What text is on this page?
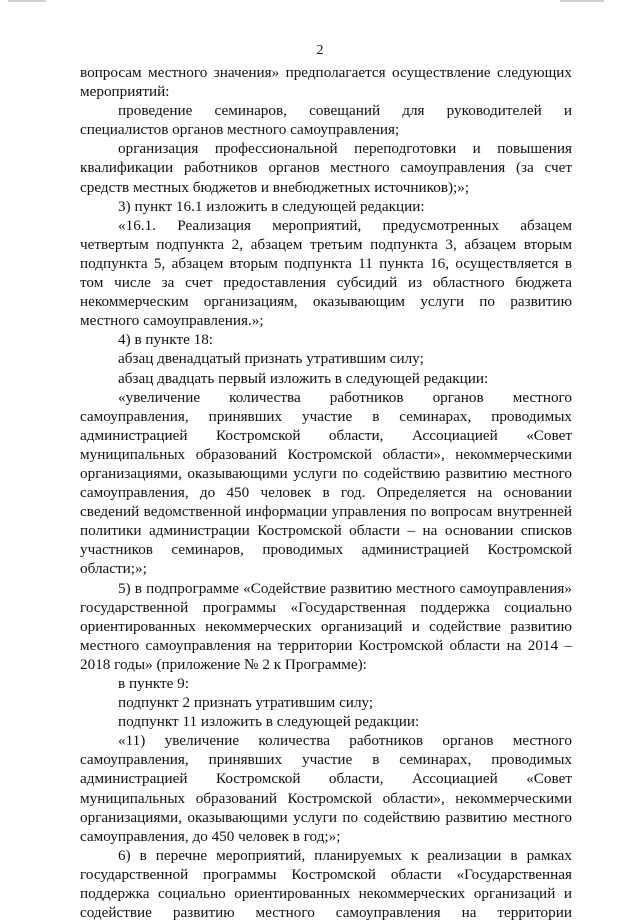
2

вопросам местного значения» предполагается осуществление следующих мероприятий:

проведение семинаров, совещаний для руководителей и специалистов органов местного самоуправления;

организация профессиональной переподготовки и повышения квалификации работников органов местного самоуправления (за счет средств местных бюджетов и внебюджетных источников);»;

3) пункт 16.1 изложить в следующей редакции:

«16.1. Реализация мероприятий, предусмотренных абзацем четвертым подпункта 2, абзацем третьим подпункта 3, абзацем вторым подпункта 5, абзацем вторым подпункта 11 пункта 16, осуществляется в том числе за счет предоставления субсидий из областного бюджета некоммерческим организациям, оказывающим услуги по развитию местного самоуправления.»;

4) в пункте 18:

абзац двенадцатый признать утратившим силу;

абзац двадцать первый изложить в следующей редакции:

«увеличение количества работников органов местного самоуправления, принявших участие в семинарах, проводимых администрацией Костромской области, Ассоциацией «Совет муниципальных образований Костромской области», некоммерческими организациями, оказывающими услуги по содействию развитию местного самоуправления, до 450 человек в год. Определяется на основании сведений ведомственной информации управления по вопросам внутренней политики администрации Костромской области – на основании списков участников семинаров, проводимых администрацией Костромской области;»;

5) в подпрограмме «Содействие развитию местного самоуправления» государственной программы «Государственная поддержка социально ориентированных некоммерческих организаций и содействие развитию местного самоуправления на территории Костромской области на 2014 – 2018 годы» (приложение № 2 к Программе):

в пункте 9:

подпункт 2 признать утратившим силу;

подпункт 11 изложить в следующей редакции:

«11) увеличение количества работников органов местного самоуправления, принявших участие в семинарах, проводимых администрацией Костромской области, Ассоциацией «Совет муниципальных образований Костромской области», некоммерческими организациями, оказывающими услуги по содействию развитию местного самоуправления, до 450 человек в год;»;

6) в перечне мероприятий, планируемых к реализации в рамках государственной программы Костромской области «Государственная поддержка социально ориентированных некоммерческих организаций и содействие развитию местного самоуправления на территории
